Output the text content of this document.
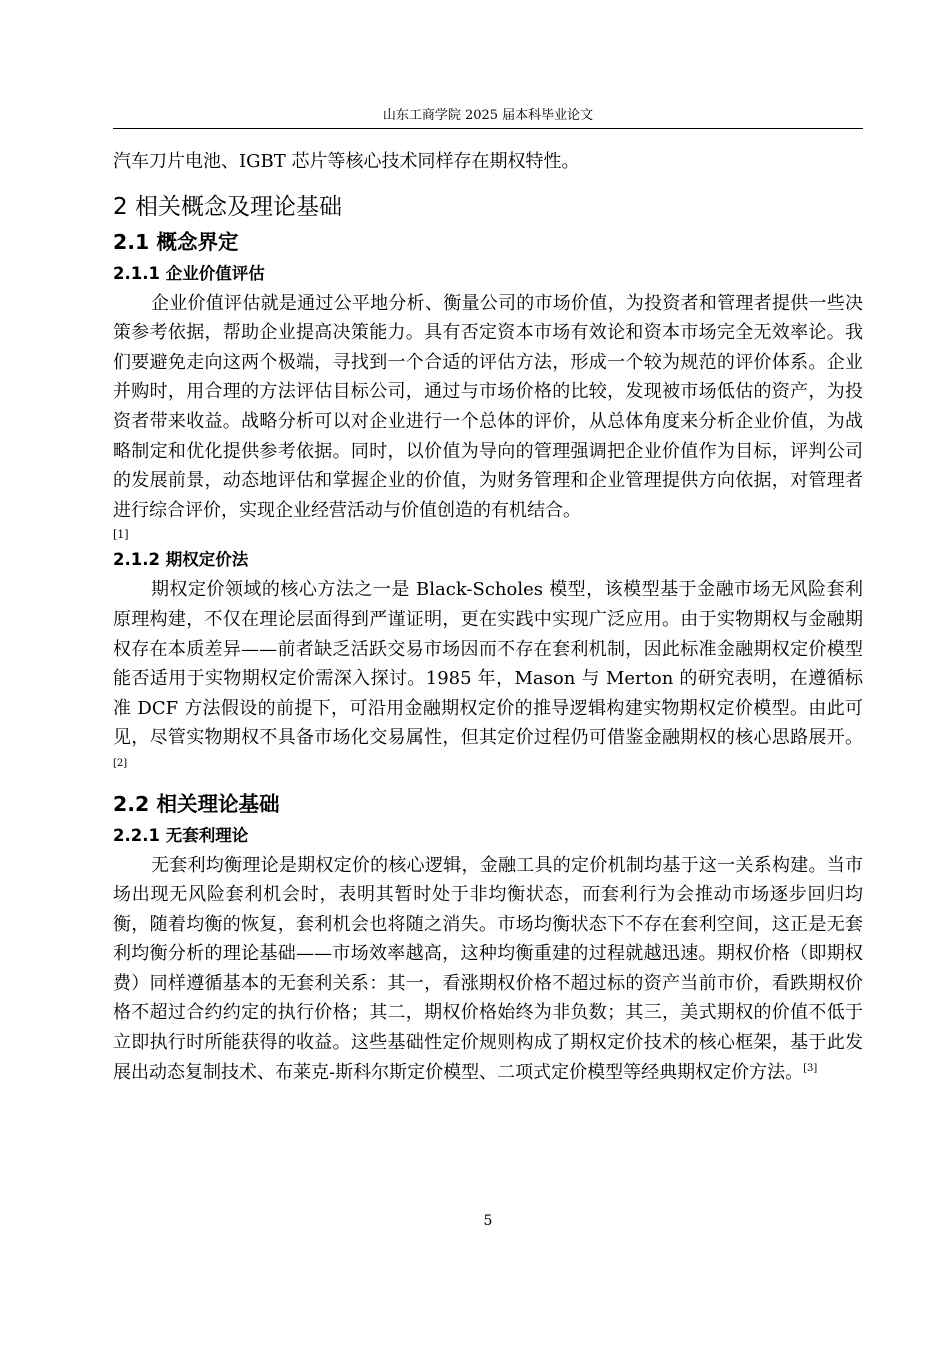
山东工商学院 2025 届本科毕业论文

汽车刀片电池、IGBT 芯片等核心技术同样存在期权特性。

2 相关概念及理论基础
2.1 概念界定
2.1.1 企业价值评估

企业价值评估就是通过公平地分析、衡量公司的市场价值，为投资者和管理者提供一些决策参考依据，帮助企业提高决策能力。具有否定资本市场有效论和资本市场完全无效率论。我们要避免走向这两个极端，寻找到一个合适的评估方法，形成一个较为规范的评价体系。企业并购时，用合理的方法评估目标公司，通过与市场价格的比较，发现被市场低估的资产，为投资者带来收益。战略分析可以对企业进行一个总体的评价，从总体角度来分析企业价值，为战略制定和优化提供参考依据。同时，以价值为导向的管理强调把企业价值作为目标，评判公司的发展前景，动态地评估和掌握企业的价值，为财务管理和企业管理提供方向依据，对管理者进行综合评价，实现企业经营活动与价值创造的有机结合。

[1]

2.1.2 期权定价法

期权定价领域的核心方法之一是 Black-Scholes 模型，该模型基于金融市场无风险套利原理构建，不仅在理论层面得到严谨证明，更在实践中实现广泛应用。由于实物期权与金融期权存在本质差异——前者缺乏活跃交易市场因而不存在套利机制，因此标准金融期权定价模型能否适用于实物期权定价需深入探讨。1985 年，Mason 与 Merton 的研究表明，在遵循标准 DCF 方法假设的前提下，可沿用金融期权定价的推导逻辑构建实物期权定价模型。由此可见，尽管实物期权不具备市场化交易属性，但其定价过程仍可借鉴金融期权的核心思路展开。[2]

2.2 相关理论基础
2.2.1 无套利理论

无套利均衡理论是期权定价的核心逻辑，金融工具的定价机制均基于这一关系构建。当市场出现无风险套利机会时，表明其暂时处于非均衡状态，而套利行为会推动市场逐步回归均衡，随着均衡的恢复，套利机会也将随之消失。市场均衡状态下不存在套利空间，这正是无套利均衡分析的理论基础——市场效率越高，这种均衡重建的过程就越迅速。期权价格（即期权费）同样遵循基本的无套利关系：其一，看涨期权价格不超过标的资产当前市价，看跌期权价格不超过合约约定的执行价格；其二，期权价格始终为非负数；其三，美式期权的价值不低于立即执行时所能获得的收益。这些基础性定价规则构成了期权定价技术的核心框架，基于此发展出动态复制技术、布莱克-斯科尔斯定价模型、二项式定价模型等经典期权定价方法。[3]

5
